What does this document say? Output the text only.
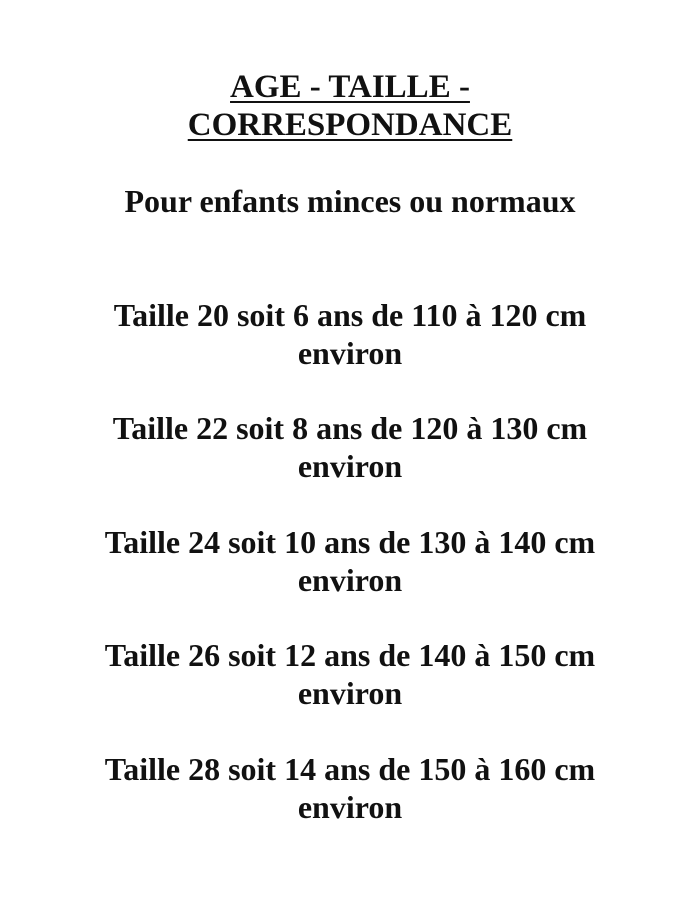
AGE - TAILLE -
CORRESPONDANCE

Pour enfants minces ou normaux

Taille 20 soit 6 ans de 110 à 120 cm
environ
Taille 22 soit 8 ans de 120 à 130 cm
environ
Taille 24 soit 10 ans de 130 à 140 cm
environ
Taille 26 soit 12 ans de 140 à 150 cm
environ
Taille 28 soit 14 ans de 150 à 160 cm
environ
